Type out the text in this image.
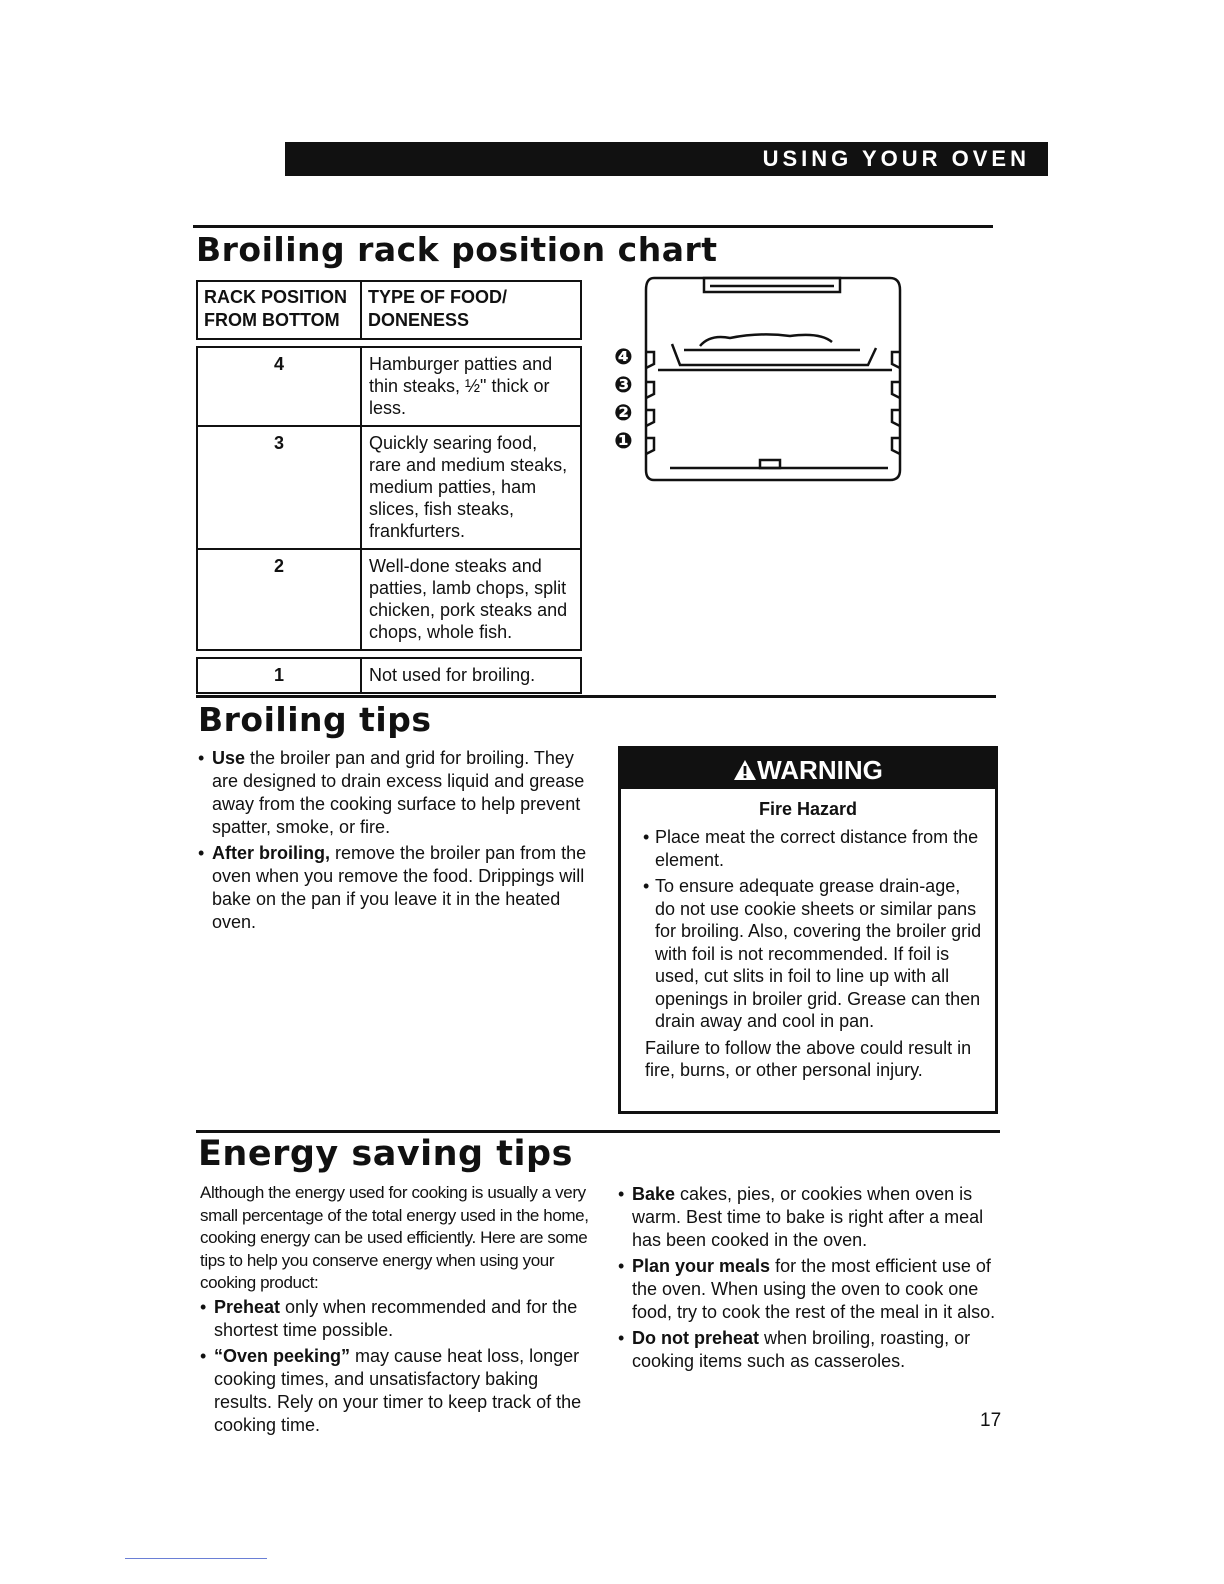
USING YOUR OVEN
Broiling rack position chart
RACK POSITION FROM BOTTOM	TYPE OF FOOD/ DONENESS

4	Hamburger patties and thin steaks, ½" thick or less.
3	Quickly searing food, rare and medium steaks, medium patties, ham slices, fish steaks, frankfurters.
2	Well-done steaks and patties, lamb chops, split chicken, pork steaks and chops, whole fish.

1	Not used for broiling.
❹
❸
❷
❶
Broiling tips
• Use the broiler pan and grid for broiling. They are designed to drain excess liquid and grease away from the cooking surface to help prevent spatter, smoke, or fire.
• After broiling, remove the broiler pan from the oven when you remove the food. Drippings will bake on the pan if you leave it in the heated oven.
WARNING
Fire Hazard
• Place meat the correct distance from the element.
• To ensure adequate grease drain-age, do not use cookie sheets or similar pans for broiling. Also, covering the broiler grid with foil is not recommended. If foil is used, cut slits in foil to line up with all openings in broiler grid. Grease can then drain away and cool in pan.
Failure to follow the above could result in fire, burns, or other personal injury.
Energy saving tips
Although the energy used for cooking is usually a very small percentage of the total energy used in the home, cooking energy can be used efficiently. Here are some tips to help you conserve energy when using your cooking product:
• Preheat only when recommended and for the shortest time possible.
• “Oven peeking” may cause heat loss, longer cooking times, and unsatisfactory baking results. Rely on your timer to keep track of the cooking time.
• Bake cakes, pies, or cookies when oven is warm. Best time to bake is right after a meal has been cooked in the oven.
• Plan your meals for the most efficient use of the oven. When using the oven to cook one food, try to cook the rest of the meal in it also.
• Do not preheat when broiling, roasting, or cooking items such as casseroles.
17
